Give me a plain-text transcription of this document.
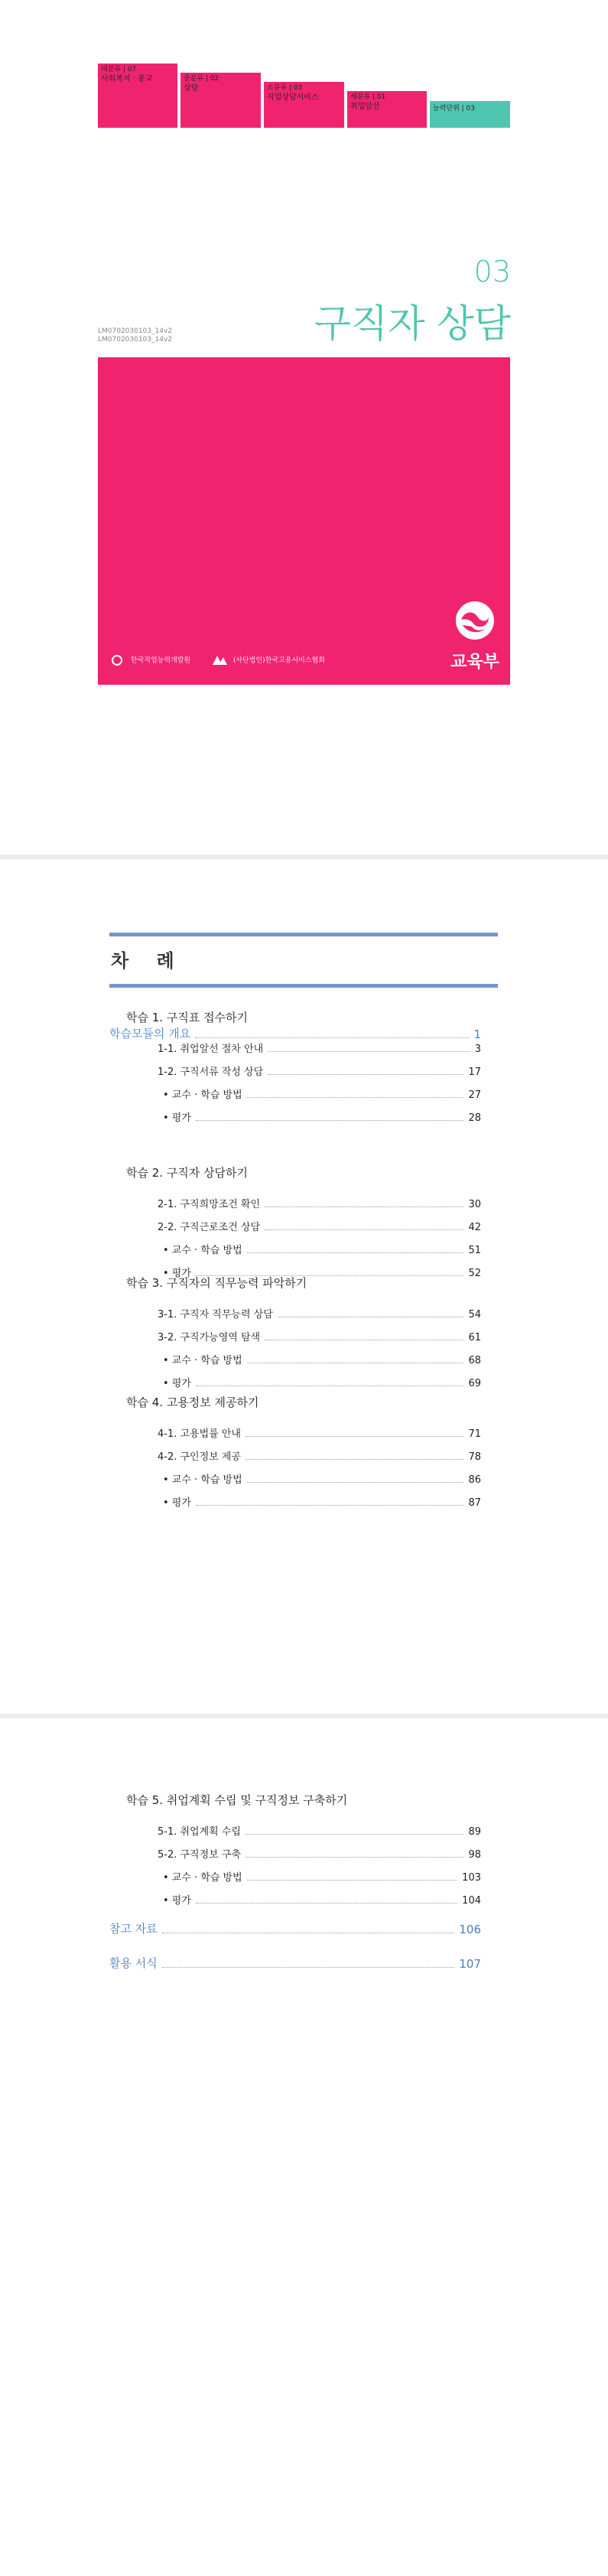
대분류 | 07
사회복지 · 종교	중분류 | 02
상담	소분류 | 03
직업상담서비스	세분류 | 01
취업알선	능력단위 | 03
03
구직자 상담
LM0702030103_14v2
LM0702030103_14v2
한국직업능력개발원	(사단법인)한국고용서비스협회	교육부
차 례
학습모듈의 개요	1
학습 1. 구직표 접수하기
1-1. 취업알선 절차 안내	3
1-2. 구직서류 작성 상담	17
• 교수 · 학습 방법	27
• 평가	28
학습 2. 구직자 상담하기
2-1. 구직희망조건 확인	30
2-2. 구직근로조건 상담	42
• 교수 · 학습 방법	51
• 평가	52
학습 3. 구직자의 직무능력 파악하기
3-1. 구직자 직무능력 상담	54
3-2. 구직가능영역 탐색	61
• 교수 · 학습 방법	68
• 평가	69
학습 4. 고용정보 제공하기
4-1. 고용법률 안내	71
4-2. 구인정보 제공	78
• 교수 · 학습 방법	86
• 평가	87
학습 5. 취업계획 수립 및 구직정보 구축하기
5-1. 취업계획 수립	89
5-2. 구직정보 구축	98
• 교수 · 학습 방법	103
• 평가	104
참고 자료	106
활용 서식	107
